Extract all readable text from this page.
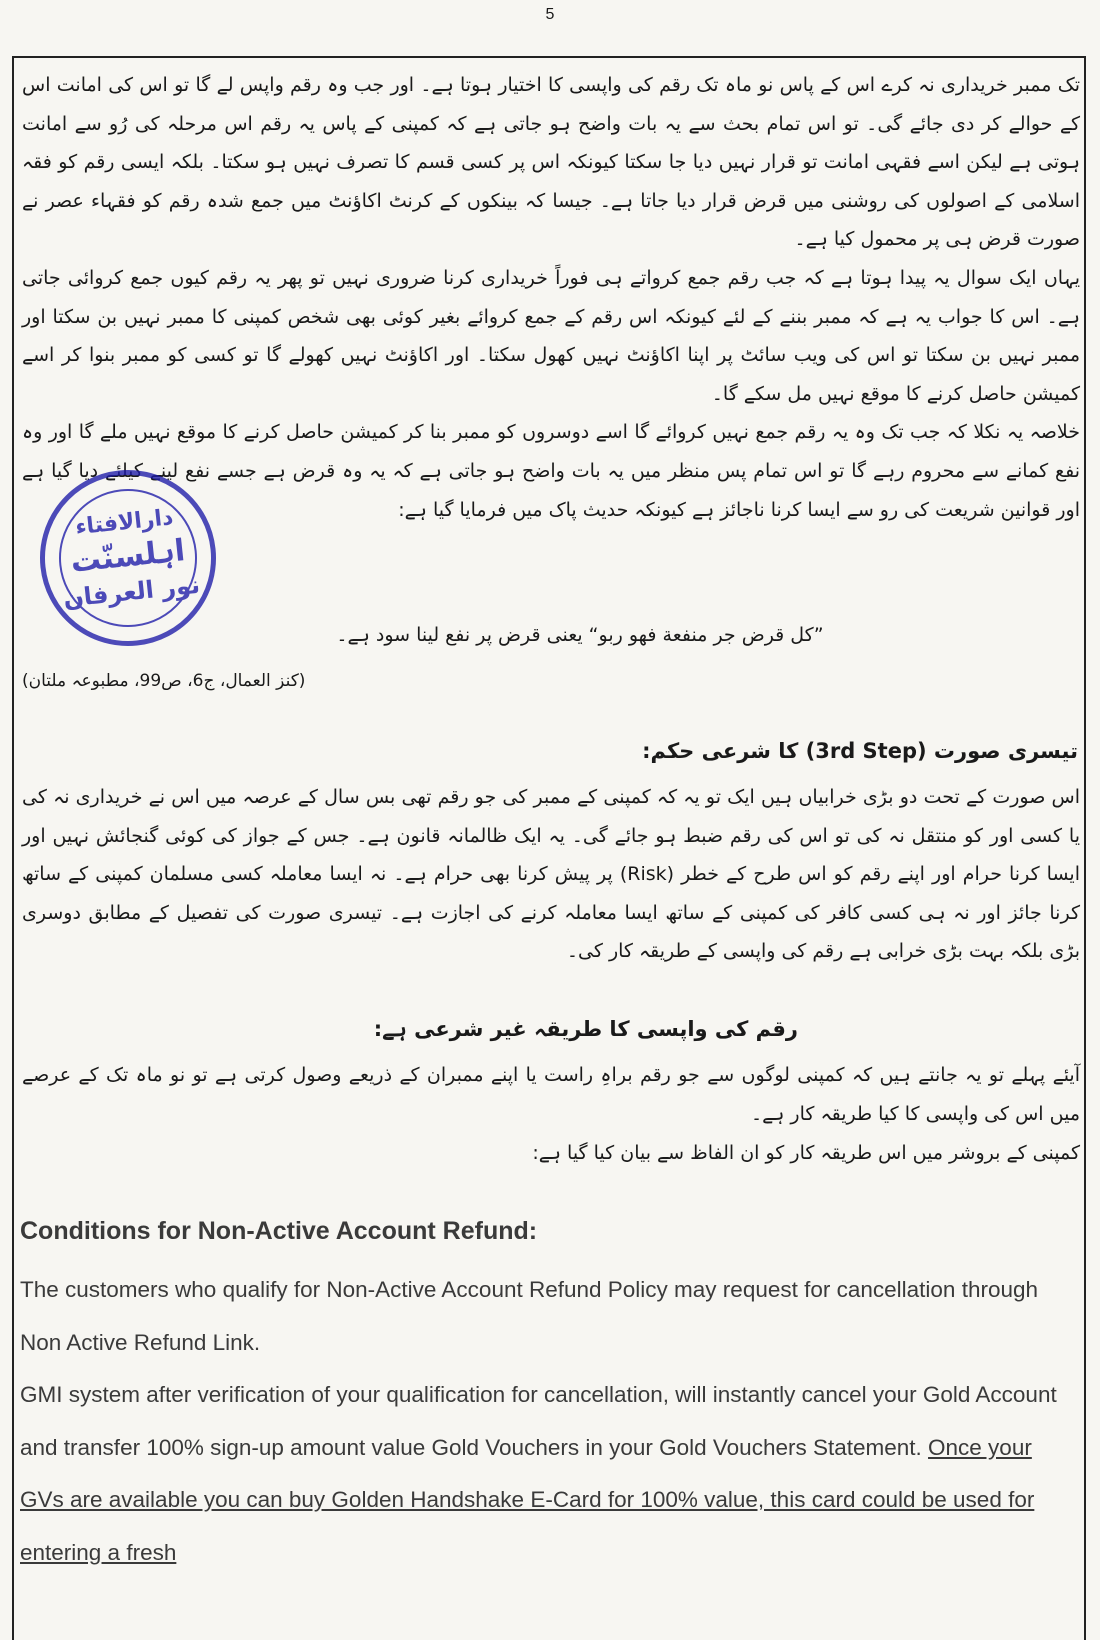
5

تک ممبر خریداری نہ کرے اس کے پاس نو ماہ تک رقم کی واپسی کا اختیار ہوتا ہے۔ اور جب وہ رقم واپس لے گا تو اس کی امانت اس کے حوالے کر دی جائے گی۔ تو اس تمام بحث سے یہ بات واضح ہو جاتی ہے کہ کمپنی کے پاس یہ رقم اس مرحلہ کی رُو سے امانت ہوتی ہے لیکن اسے فقہی امانت تو قرار نہیں دیا جا سکتا کیونکہ اس پر کسی قسم کا تصرف نہیں ہو سکتا۔ بلکہ ایسی رقم کو فقہ اسلامی کے اصولوں کی روشنی میں قرض قرار دیا جاتا ہے۔ جیسا کہ بینکوں کے کرنٹ اکاؤنٹ میں جمع شدہ رقم کو فقہاء عصر نے صورت قرض ہی پر محمول کیا ہے۔

یہاں ایک سوال یہ پیدا ہوتا ہے کہ جب رقم جمع کرواتے ہی فوراً خریداری کرنا ضروری نہیں تو پھر یہ رقم کیوں جمع کروائی جاتی ہے۔ اس کا جواب یہ ہے کہ ممبر بننے کے لئے کیونکہ اس رقم کے جمع کروائے بغیر کوئی بھی شخص کمپنی کا ممبر نہیں بن سکتا اور ممبر نہیں بن سکتا تو اس کی ویب سائٹ پر اپنا اکاؤنٹ نہیں کھول سکتا۔ اور اکاؤنٹ نہیں کھولے گا تو کسی کو ممبر بنوا کر اسے کمیشن حاصل کرنے کا موقع نہیں مل سکے گا۔

خلاصہ یہ نکلا کہ جب تک وہ یہ رقم جمع نہیں کروائے گا اسے دوسروں کو ممبر بنا کر کمیشن حاصل کرنے کا موقع نہیں ملے گا اور وہ نفع کمانے سے محروم رہے گا تو اس تمام پس منظر میں یہ بات واضح ہو جاتی ہے کہ یہ وہ قرض ہے جسے نفع لینے کیلئے دیا گیا ہے اور قوانین شریعت کی رو سے ایسا کرنا ناجائز ہے کیونکہ حدیث پاک میں فرمایا گیا ہے:

دارالافتاء
اہلسنّت
نور العرفان
”کل قرض جر منفعة فهو ربو“ یعنی قرض پر نفع لینا سود ہے۔
(کنز العمال، ج6، ص99، مطبوعہ ملتان)
تیسری صورت (3rd Step) کا شرعی حکم:
اس صورت کے تحت دو بڑی خرابیاں ہیں ایک تو یہ کہ کمپنی کے ممبر کی جو رقم تھی بس سال کے عرصہ میں اس نے خریداری نہ کی یا کسی اور کو منتقل نہ کی تو اس کی رقم ضبط ہو جائے گی۔ یہ ایک ظالمانہ قانون ہے۔ جس کے جواز کی کوئی گنجائش نہیں اور ایسا کرنا حرام اور اپنے رقم کو اس طرح کے خطر (Risk) پر پیش کرنا بھی حرام ہے۔ نہ ایسا معاملہ کسی مسلمان کمپنی کے ساتھ کرنا جائز اور نہ ہی کسی کافر کی کمپنی کے ساتھ ایسا معاملہ کرنے کی اجازت ہے۔ تیسری صورت کی تفصیل کے مطابق دوسری بڑی بلکہ بہت بڑی خرابی ہے رقم کی واپسی کے طریقہ کار کی۔
رقم کی واپسی کا طریقہ غیر شرعی ہے:
آیئے پہلے تو یہ جانتے ہیں کہ کمپنی لوگوں سے جو رقم براہِ راست یا اپنے ممبران کے ذریعے وصول کرتی ہے تو نو ماہ تک کے عرصے میں اس کی واپسی کا کیا طریقہ کار ہے۔
کمپنی کے بروشر میں اس طریقہ کار کو ان الفاظ سے بیان کیا گیا ہے:
Conditions for Non-Active Account Refund:

The customers who qualify for Non-Active Account Refund Policy may request for cancellation through Non Active Refund Link.

GMI system after verification of your qualification for cancellation, will instantly cancel your Gold Account and transfer 100% sign-up amount value Gold Vouchers in your Gold Vouchers Statement. Once your GVs are available you can buy Golden Handshake E-Card for 100% value, this card could be used for entering a fresh
